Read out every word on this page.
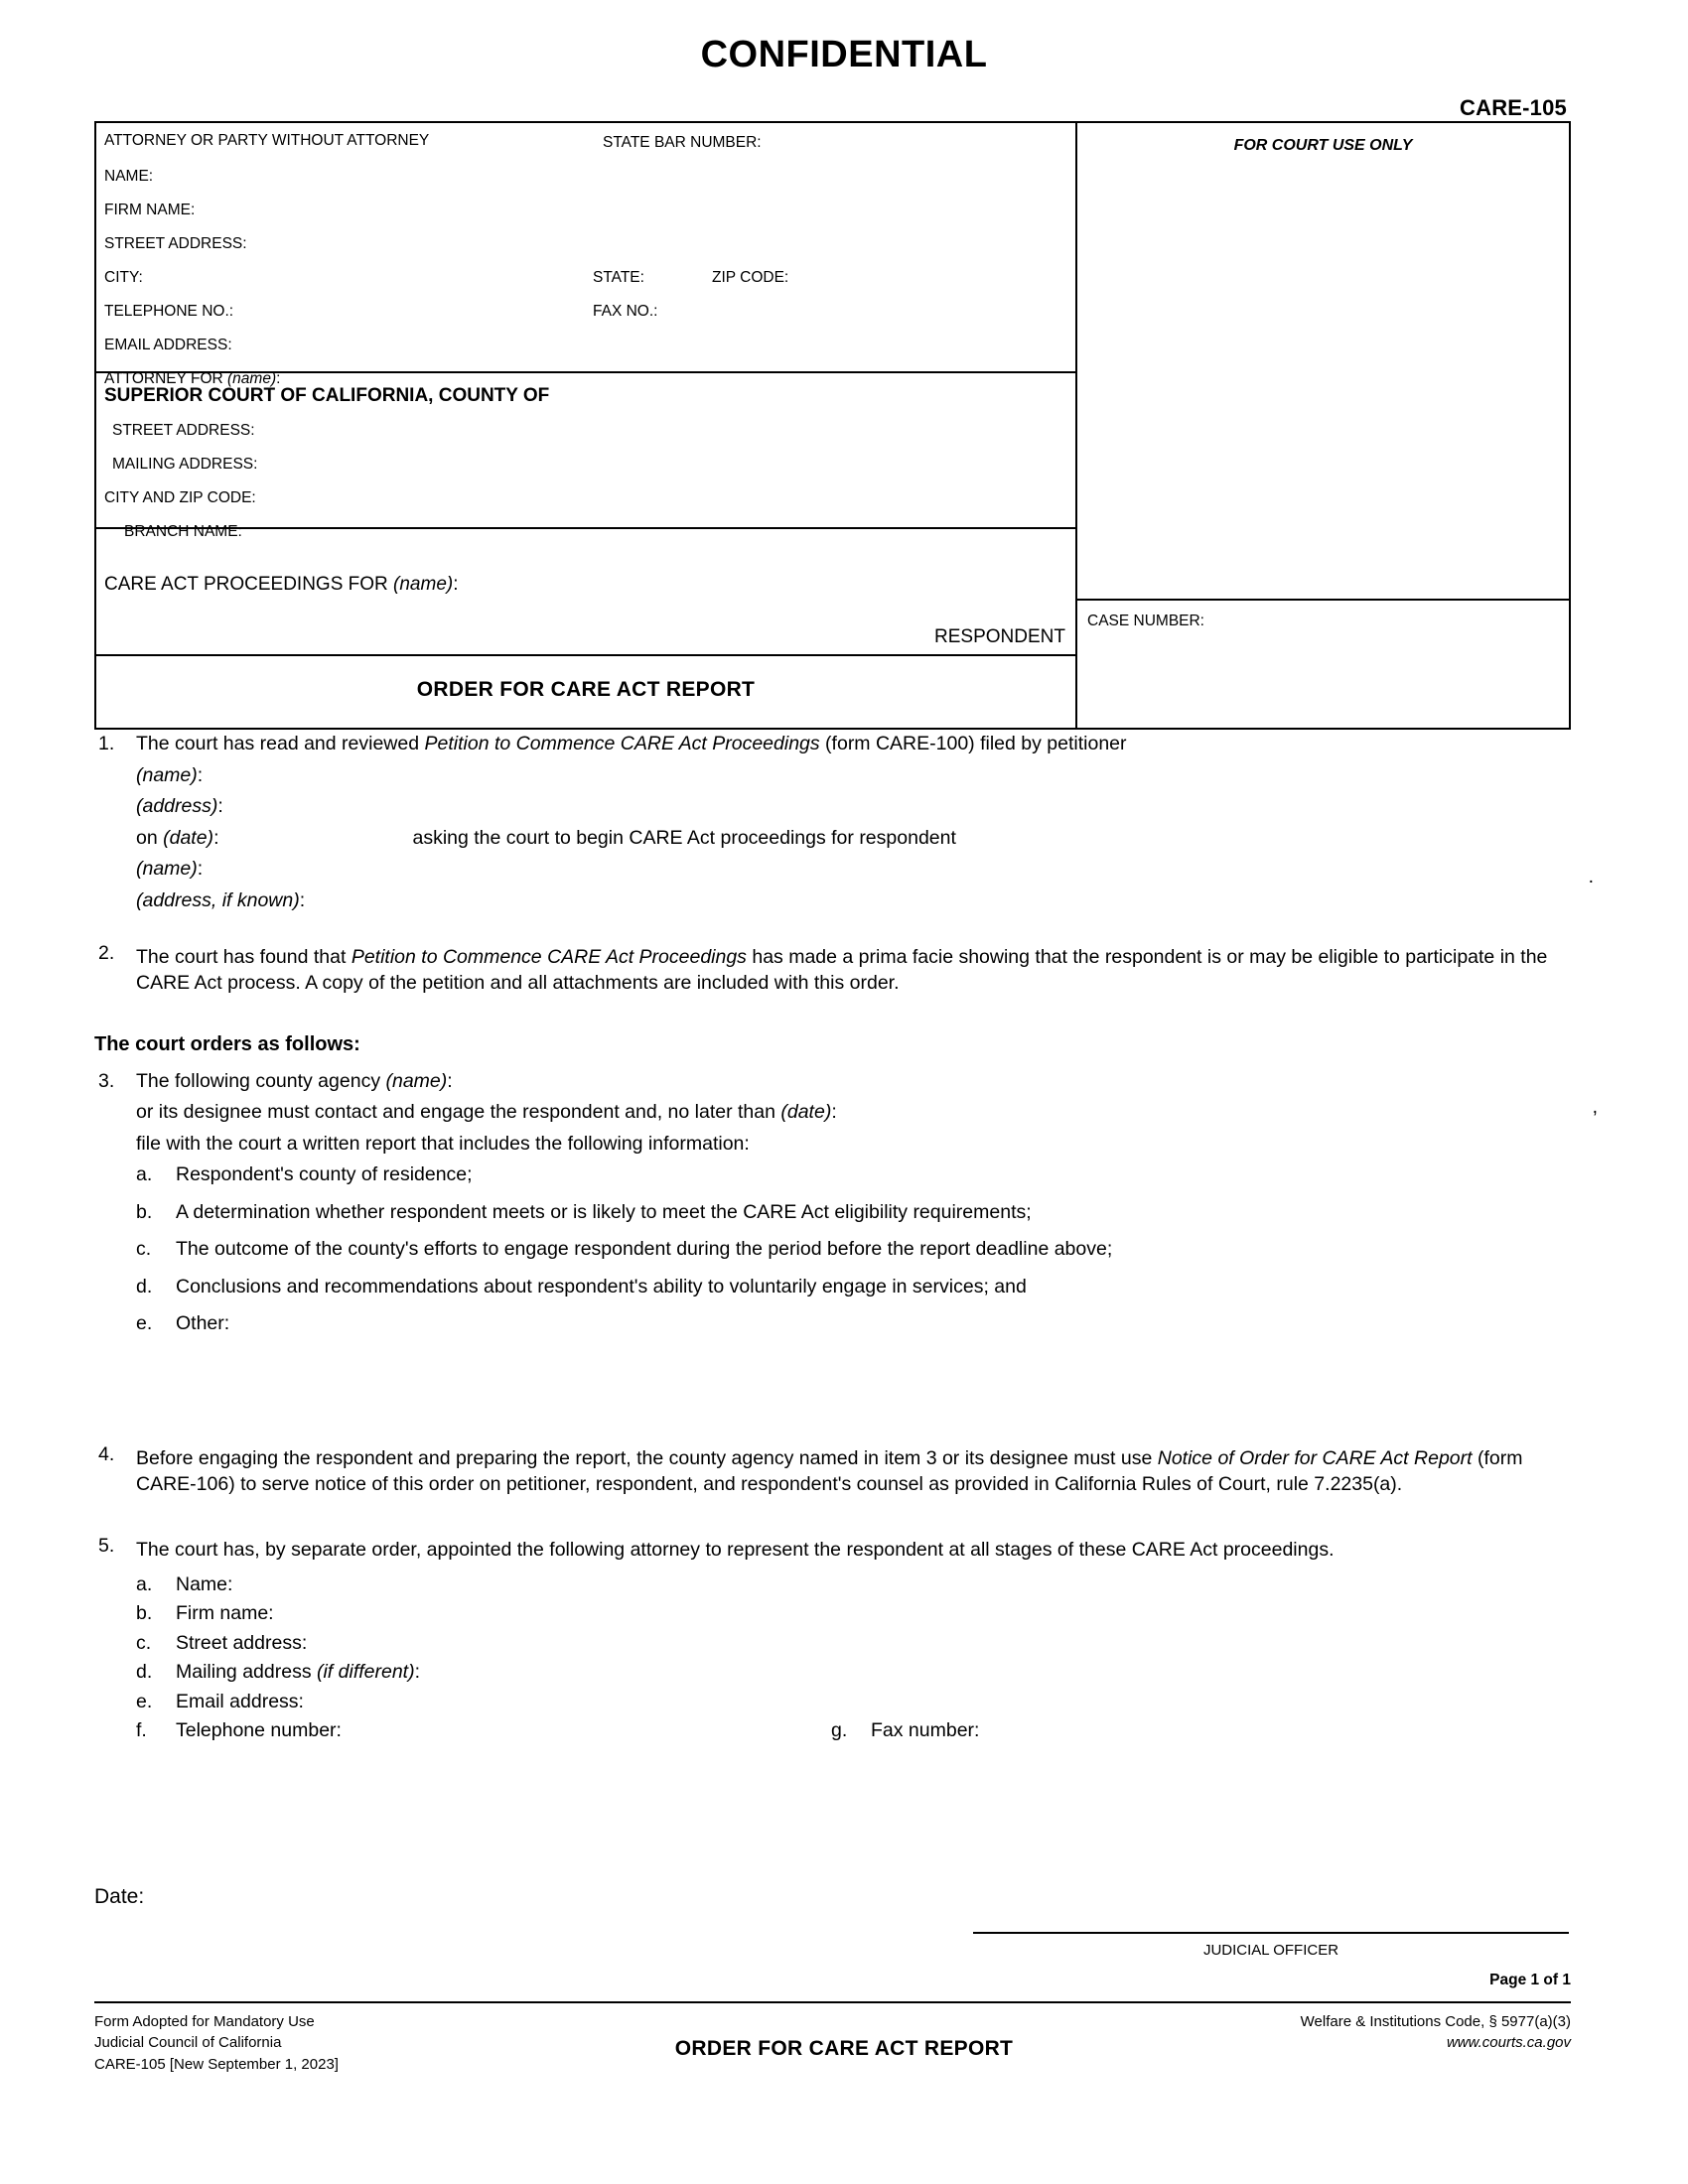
CONFIDENTIAL
CARE-105
ATTORNEY OR PARTY WITHOUT ATTORNEY	STATE BAR NUMBER:
NAME:
FIRM NAME:
STREET ADDRESS:
CITY:	STATE:	ZIP CODE:
TELEPHONE NO.:	FAX NO.:
EMAIL ADDRESS:
ATTORNEY FOR (name):
SUPERIOR COURT OF CALIFORNIA, COUNTY OF
STREET ADDRESS:
MAILING ADDRESS:
CITY AND ZIP CODE:
BRANCH NAME:
CARE ACT PROCEEDINGS FOR (name):
RESPONDENT
ORDER FOR CARE ACT REPORT
FOR COURT USE ONLY
CASE NUMBER:
1.	The court has read and reviewed Petition to Commence CARE Act Proceedings (form CARE-100) filed by petitioner

(name):

(address):

on (date):	asking the court to begin CARE Act proceedings for respondent

(name):

(address, if known):

.
2.	The court has found that Petition to Commence CARE Act Proceedings has made a prima facie showing that the respondent is or may be eligible to participate in the CARE Act process. A copy of the petition and all attachments are included with this order.

The court orders as follows:
3.	The following county agency (name):

or its designee must contact and engage the respondent and, no later than (date):

file with the court a written report that includes the following information:

a.	Respondent's county of residence;
b.	A determination whether respondent meets or is likely to meet the CARE Act eligibility requirements;
c.	The outcome of the county's efforts to engage respondent during the period before the report deadline above;
d.	Conclusions and recommendations about respondent's ability to voluntarily engage in services; and
e.	Other:
,
4.	Before engaging the respondent and preparing the report, the county agency named in item 3 or its designee must use Notice of Order for CARE Act Report (form CARE-106) to serve notice of this order on petitioner, respondent, and respondent's counsel as provided in California Rules of Court, rule 7.2235(a).

5.	The court has, by separate order, appointed the following attorney to represent the respondent at all stages of these CARE Act proceedings.

a.	Name:
b.	Firm name:
c.	Street address:
d.	Mailing address (if different):
e.	Email address:
f.	Telephone number:	g.	Fax number:
Date:
JUDICIAL OFFICER
Page 1 of 1
Form Adopted for Mandatory Use
Judicial Council of California
CARE-105 [New September 1, 2023]
ORDER FOR CARE ACT REPORT
Welfare & Institutions Code, § 5977(a)(3)
www.courts.ca.gov
